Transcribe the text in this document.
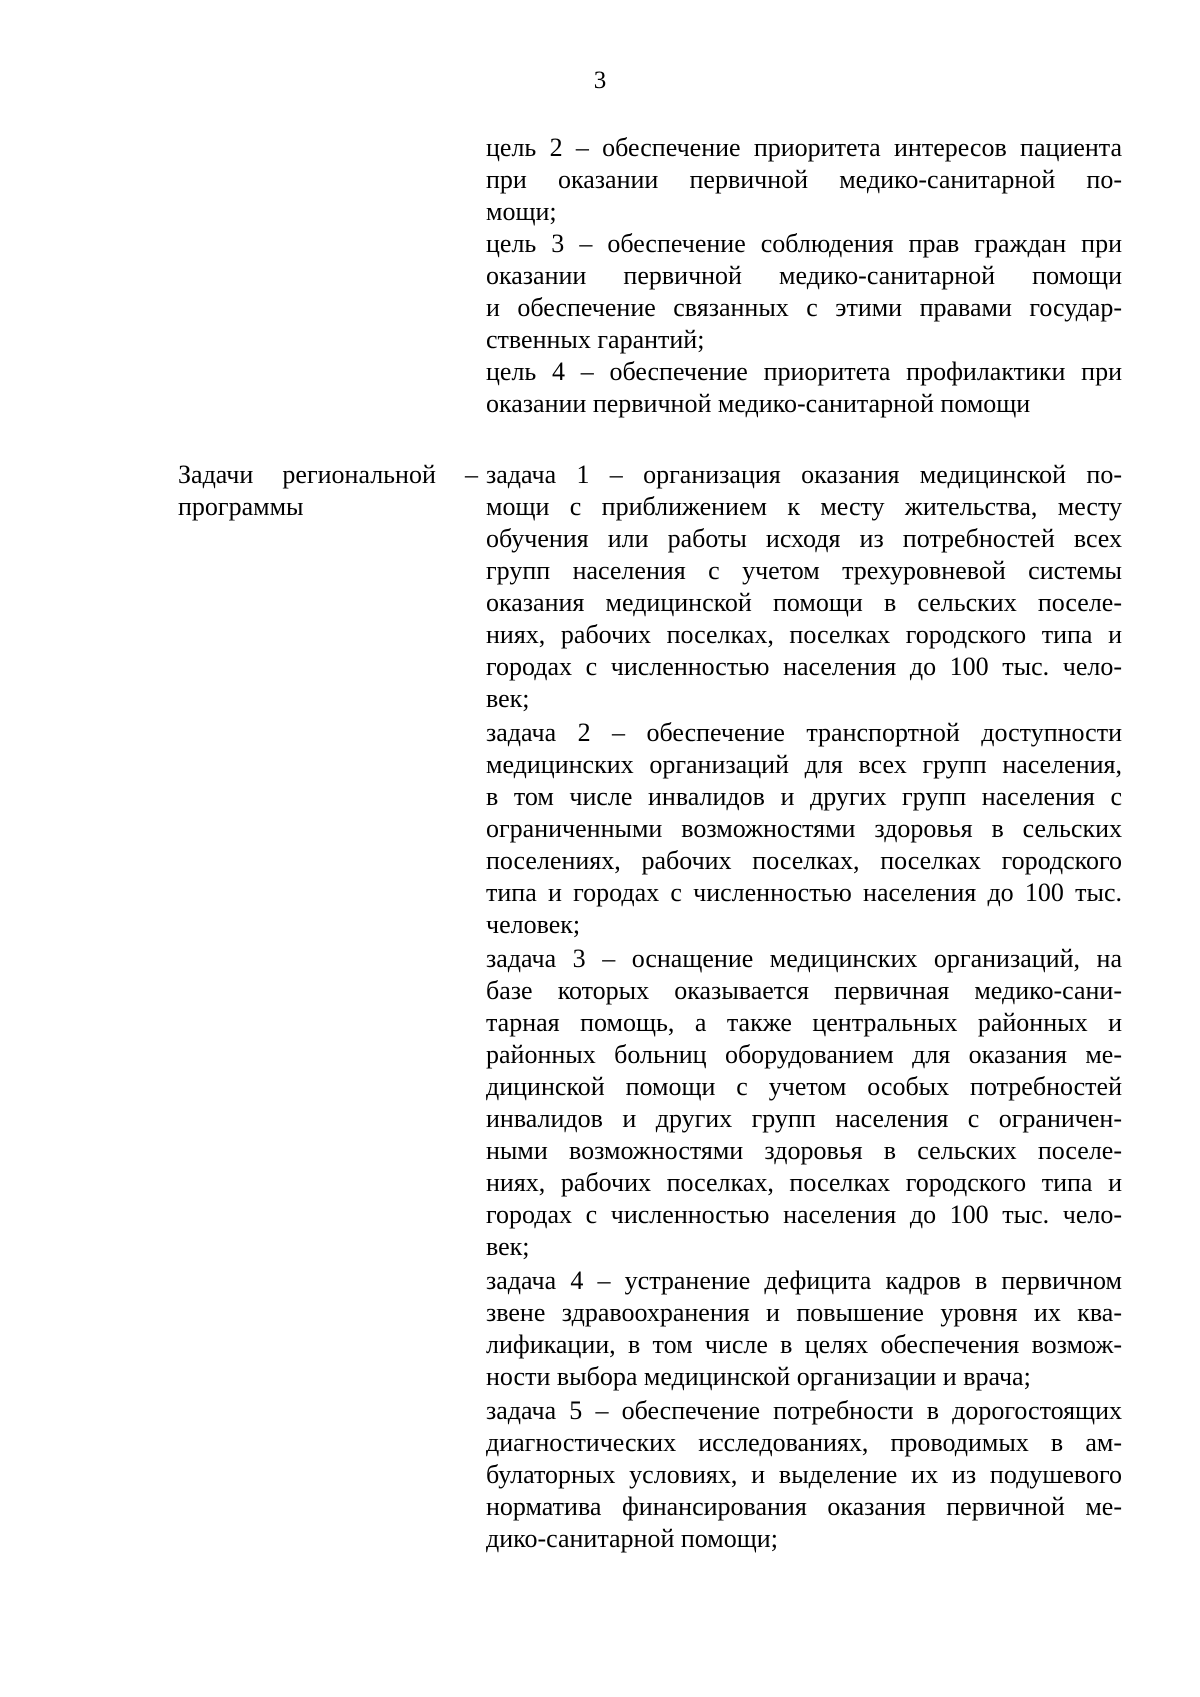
3

цель 2 – обеспечение приоритета интересов пациента

при оказании первичной медико-санитарной по-

мощи;

цель 3 – обеспечение соблюдения прав граждан при

оказании первичной медико-санитарной помощи

и обеспечение связанных с этими правами государ-

ственных гарантий;

цель 4 – обеспечение приоритета профилактики при

оказании первичной медико-санитарной помощи

Задачи региональной –

программы

задача 1 – организация оказания медицинской по-

мощи с приближением к месту жительства, месту

обучения или работы исходя из потребностей всех

групп населения с учетом трехуровневой системы

оказания медицинской помощи в сельских поселе-

ниях, рабочих поселках, поселках городского типа и

городах с численностью населения до 100 тыс. чело-

век;

задача 2 – обеспечение транспортной доступности

медицинских организаций для всех групп населения,

в том числе инвалидов и других групп населения с

ограниченными возможностями здоровья в сельских

поселениях, рабочих поселках, поселках городского

типа и городах с численностью населения до 100 тыс.

человек;

задача 3 – оснащение медицинских организаций, на

базе которых оказывается первичная медико-сани-

тарная помощь, а также центральных районных и

районных больниц оборудованием для оказания ме-

дицинской помощи с учетом особых потребностей

инвалидов и других групп населения с ограничен-

ными возможностями здоровья в сельских поселе-

ниях, рабочих поселках, поселках городского типа и

городах с численностью населения до 100 тыс. чело-

век;

задача 4 – устранение дефицита кадров в первичном

звене здравоохранения и повышение уровня их ква-

лификации, в том числе в целях обеспечения возмож-

ности выбора медицинской организации и врача;

задача 5 – обеспечение потребности в дорогостоящих

диагностических исследованиях, проводимых в ам-

булаторных условиях, и выделение их из подушевого

норматива финансирования оказания первичной ме-

дико-санитарной помощи;
